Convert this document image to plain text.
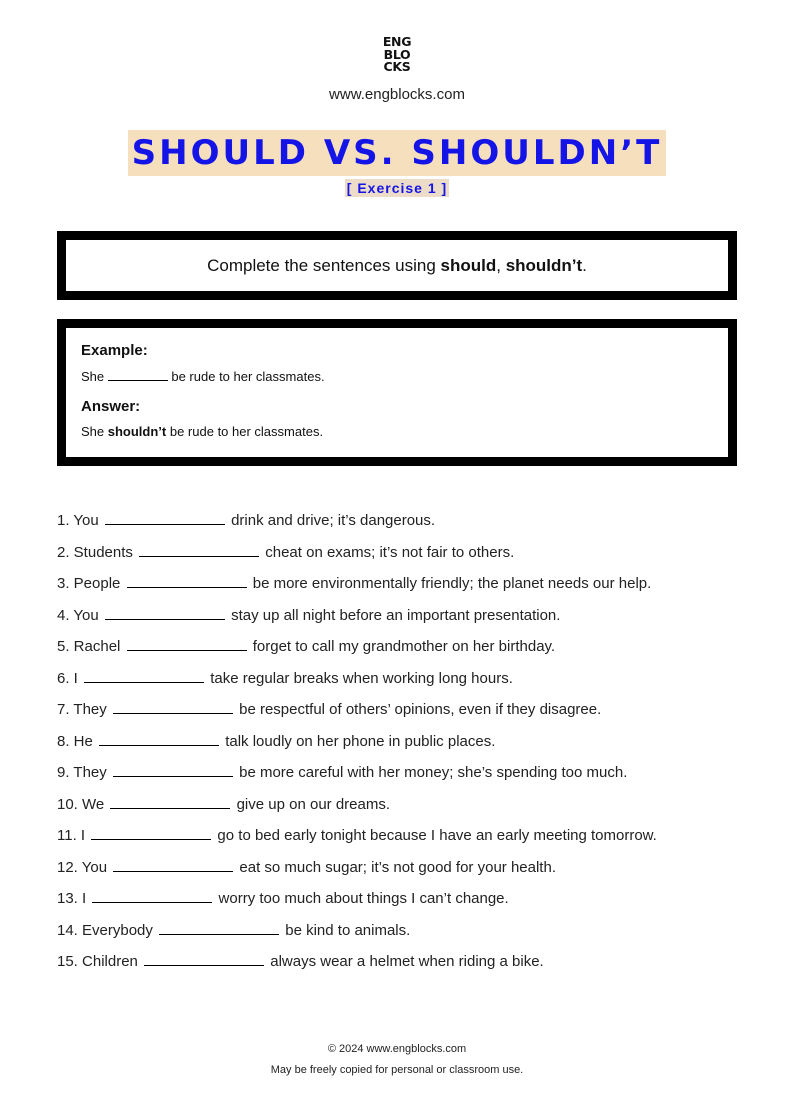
ENG
BLO
CKS
www.engblocks.com
SHOULD VS. SHOULDN’T
[ Exercise 1 ]
Complete the sentences using should, shouldn’t.
Example:
She	be rude to her classmates.
Answer:
She shouldn’t be rude to her classmates.
1. You	drink and drive; it’s dangerous.
2. Students	cheat on exams; it’s not fair to others.
3. People	be more environmentally friendly; the planet needs our help.
4. You	stay up all night before an important presentation.
5. Rachel	forget to call my grandmother on her birthday.
6. I	take regular breaks when working long hours.
7. They	be respectful of others’ opinions, even if they disagree.
8. He	talk loudly on her phone in public places.
9. They	be more careful with her money; she’s spending too much.
10. We	give up on our dreams.
11. I	go to bed early tonight because I have an early meeting tomorrow.
12. You	eat so much sugar; it’s not good for your health.
13. I	worry too much about things I can’t change.
14. Everybody	be kind to animals.
15. Children	always wear a helmet when riding a bike.
© 2024 www.engblocks.com
May be freely copied for personal or classroom use.
